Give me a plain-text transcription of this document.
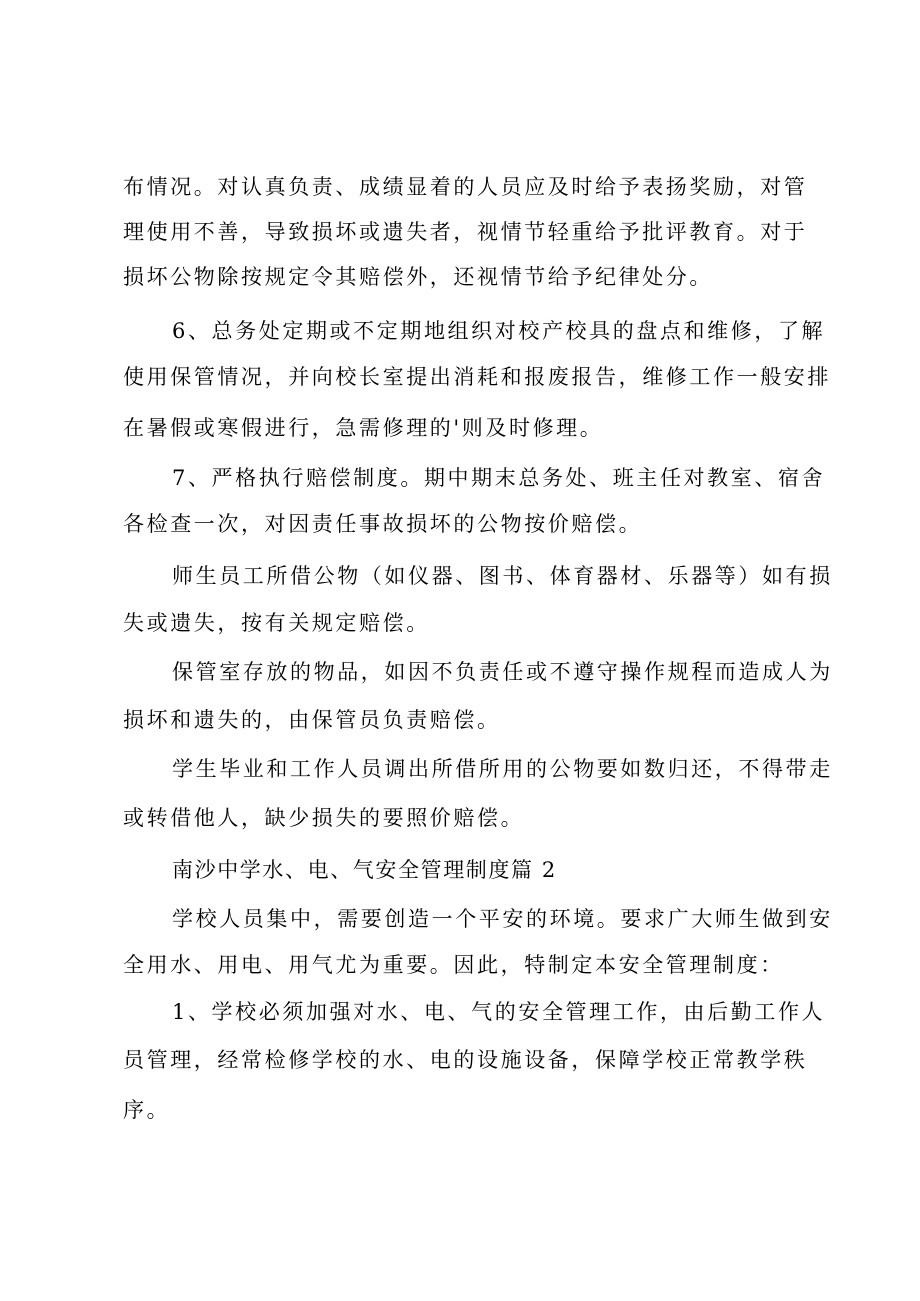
布情况。对认真负责、成绩显着的人员应及时给予表扬奖励，对管
理使用不善，导致损坏或遗失者，视情节轻重给予批评教育。对于
损坏公物除按规定令其赔偿外，还视情节给予纪律处分。
6、总务处定期或不定期地组织对校产校具的盘点和维修，了解
使用保管情况，并向校长室提出消耗和报废报告，维修工作一般安排
在暑假或寒假进行，急需修理的'则及时修理。
7、严格执行赔偿制度。期中期末总务处、班主任对教室、宿舍
各检查一次，对因责任事故损坏的公物按价赔偿。
师生员工所借公物（如仪器、图书、体育器材、乐器等）如有损
失或遗失，按有关规定赔偿。
保管室存放的物品，如因不负责任或不遵守操作规程而造成人为
损坏和遗失的，由保管员负责赔偿。
学生毕业和工作人员调出所借所用的公物要如数归还，不得带走
或转借他人，缺少损失的要照价赔偿。
南沙中学水、电、气安全管理制度篇 2
学校人员集中，需要创造一个平安的环境。要求广大师生做到安
全用水、用电、用气尤为重要。因此，特制定本安全管理制度：
1、学校必须加强对水、电、气的安全管理工作，由后勤工作人
员管理，经常检修学校的水、电的设施设备，保障学校正常教学秩
序。
